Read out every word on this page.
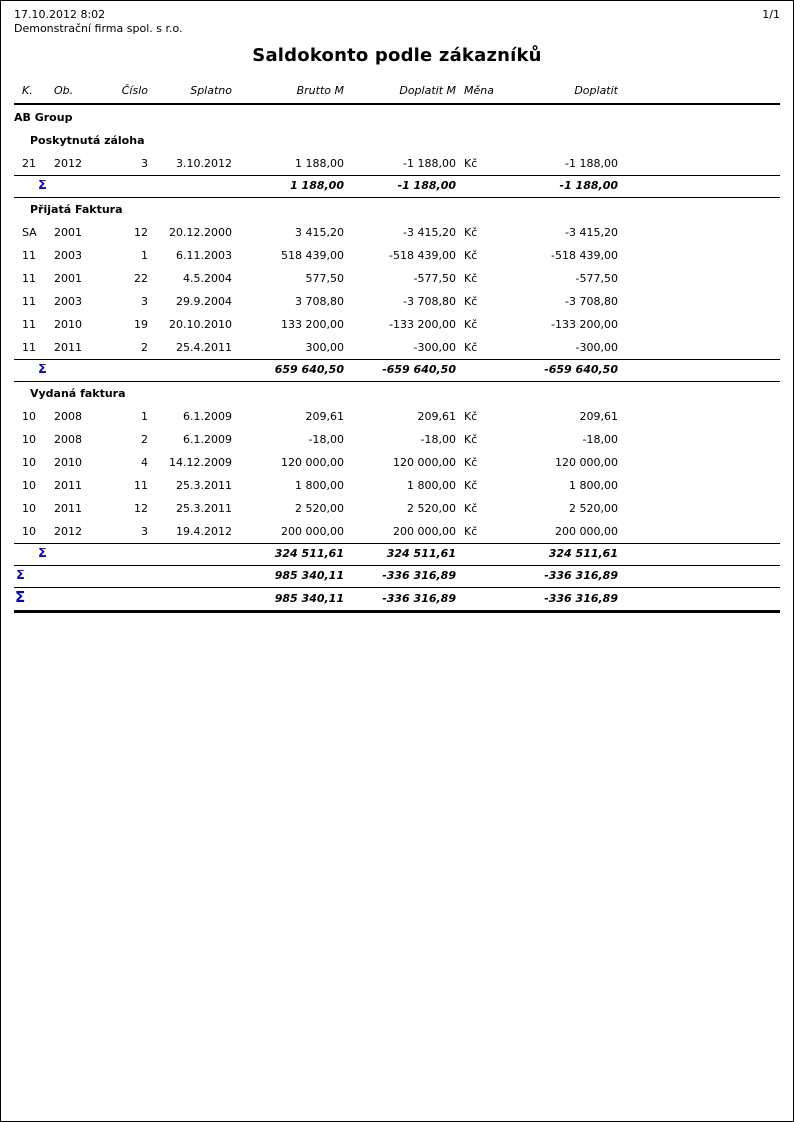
17.10.2012 8:02
Demonstrační firma spol. s r.o.
1/1
Saldokonto podle zákazníků
K.	Ob.	Číslo	Splatno	Brutto M	Doplatit M Měna	Doplatit
AB Group
Poskytnutá záloha
21	2012	3	3.10.2012	1 188,00	-1 188,00 Kč	-1 188,00
Σ	1 188,00	-1 188,00	-1 188,00
Přijatá Faktura
SA	2001	12	20.12.2000	3 415,20	-3 415,20 Kč	-3 415,20
11	2003	1	6.11.2003	518 439,00	-518 439,00 Kč	-518 439,00
11	2001	22	4.5.2004	577,50	-577,50 Kč	-577,50
11	2003	3	29.9.2004	3 708,80	-3 708,80 Kč	-3 708,80
11	2010	19	20.10.2010	133 200,00	-133 200,00 Kč	-133 200,00
11	2011	2	25.4.2011	300,00	-300,00 Kč	-300,00
Σ	659 640,50	-659 640,50	-659 640,50
Vydaná faktura
10	2008	1	6.1.2009	209,61	209,61 Kč	209,61
10	2008	2	6.1.2009	-18,00	-18,00 Kč	-18,00
10	2010	4	14.12.2009	120 000,00	120 000,00 Kč	120 000,00
10	2011	11	25.3.2011	1 800,00	1 800,00 Kč	1 800,00
10	2011	12	25.3.2011	2 520,00	2 520,00 Kč	2 520,00
10	2012	3	19.4.2012	200 000,00	200 000,00 Kč	200 000,00
Σ	324 511,61	324 511,61	324 511,61
Σ	985 340,11	-336 316,89	-336 316,89
Σ	985 340,11	-336 316,89	-336 316,89
